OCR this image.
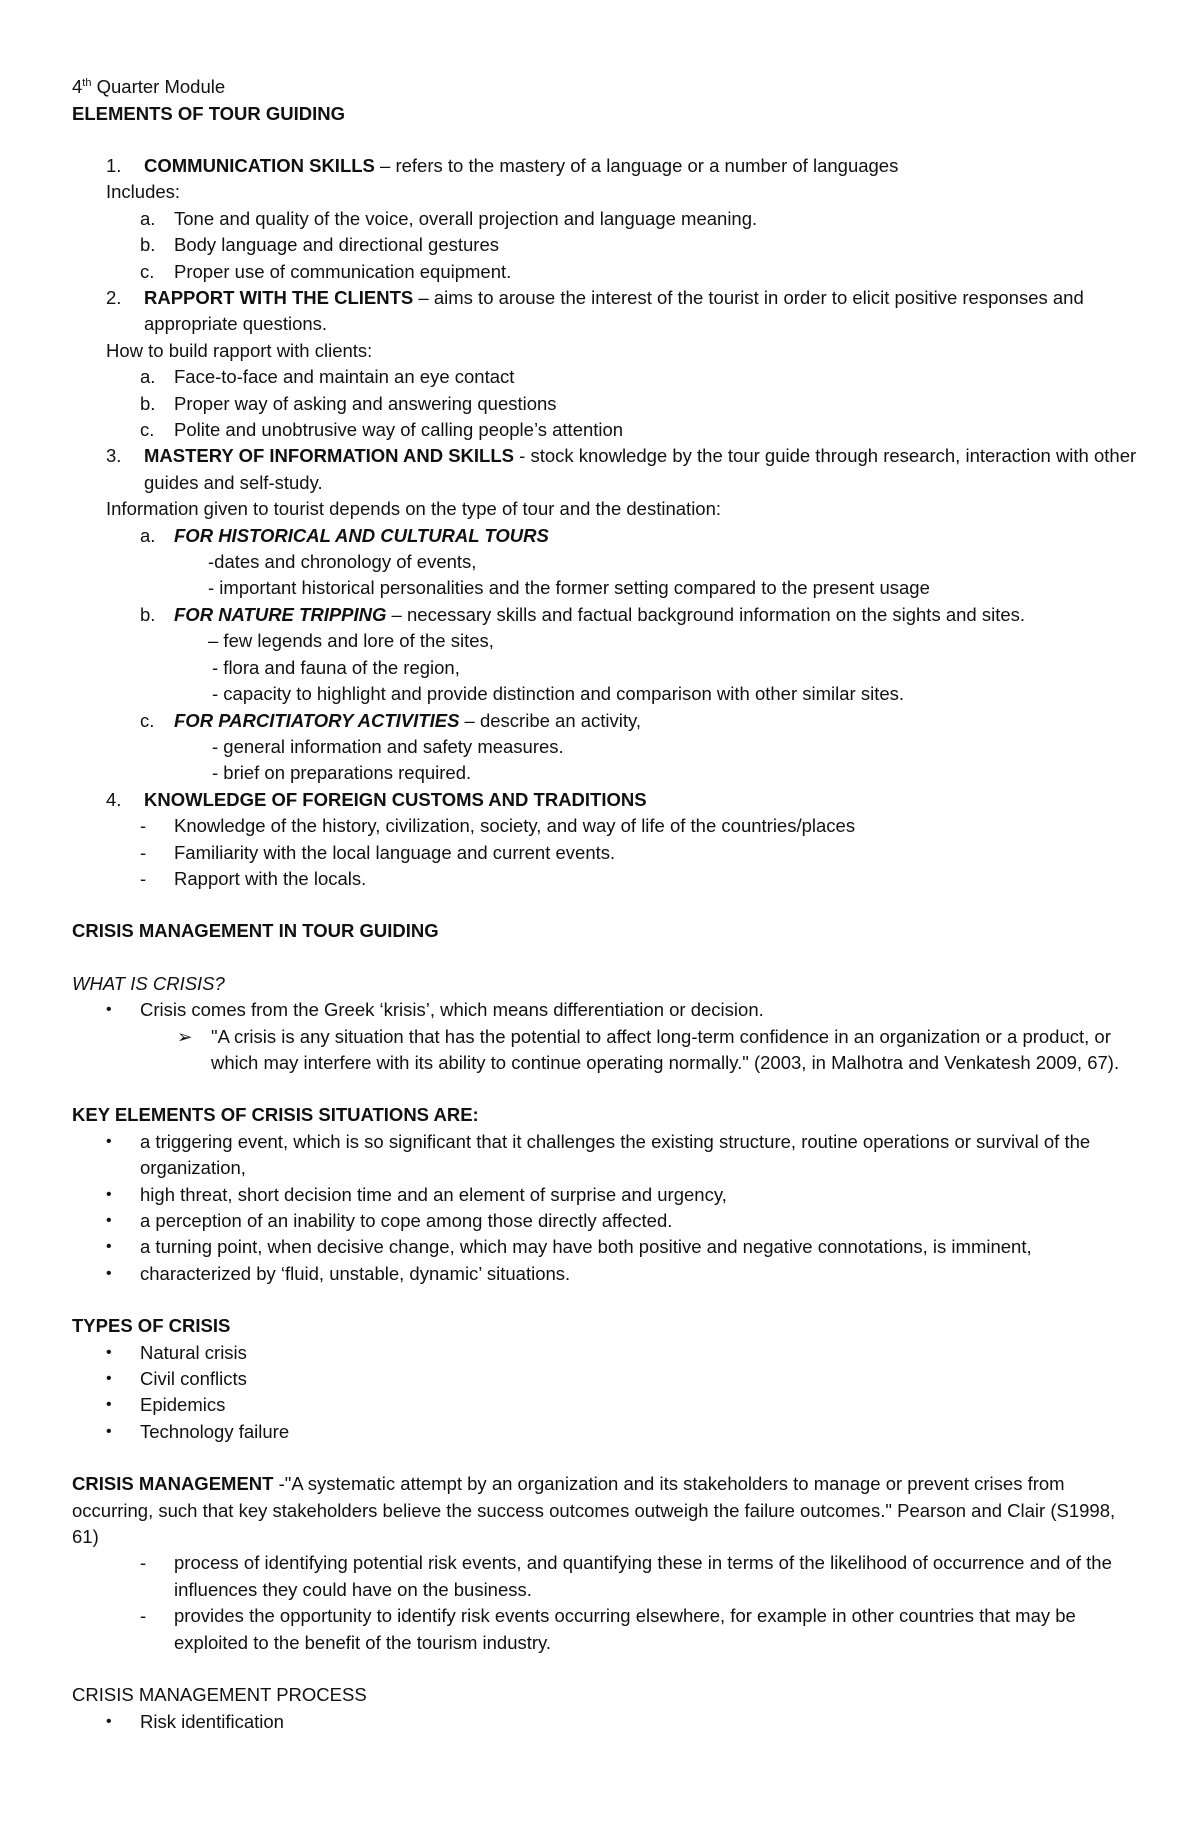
4th Quarter Module

ELEMENTS OF TOUR GUIDING

1.	COMMUNICATION SKILLS – refers to the mastery of a language or a number of languages

Includes:

a.	Tone and quality of the voice, overall projection and language meaning.
b.	Body language and directional gestures
c.	Proper use of communication equipment.
2.	RAPPORT WITH THE CLIENTS – aims to arouse the interest of the tourist in order to elicit positive responses and appropriate questions.

How to build rapport with clients:

a.	Face-to-face and maintain an eye contact
b.	Proper way of asking and answering questions
c.	Polite and unobtrusive way of calling people’s attention
3.	MASTERY OF INFORMATION AND SKILLS - stock knowledge by the tour guide through research, interaction with other guides and self-study.

Information given to tourist depends on the type of tour and the destination:

a.	FOR HISTORICAL AND CULTURAL TOURS

-dates and chronology of events,

- important historical personalities and the former setting compared to the present usage

b.	FOR NATURE TRIPPING – necessary skills and factual background information on the sights and sites.

– few legends and lore of the sites,

- flora and fauna of the region,

- capacity to highlight and provide distinction and comparison with other similar sites.

c.	FOR PARCITIATORY ACTIVITIES – describe an activity,

- general information and safety measures.

- brief on preparations required.

4.	KNOWLEDGE OF FOREIGN CUSTOMS AND TRADITIONS
-	Knowledge of the history, civilization, society, and way of life of the countries/places
-	Familiarity with the local language and current events.
-	Rapport with the locals.

CRISIS MANAGEMENT IN TOUR GUIDING

WHAT IS CRISIS?

•	Crisis comes from the Greek ‘krisis’, which means differentiation or decision.
➢ "A crisis is any situation that has the potential to affect long-term confidence in an organization or a product, or which may interfere with its ability to continue operating normally." (2003, in Malhotra and Venkatesh 2009, 67).

KEY ELEMENTS OF CRISIS SITUATIONS ARE:

•	a triggering event, which is so significant that it challenges the existing structure, routine operations or survival of the organization,
•	high threat, short decision time and an element of surprise and urgency,
•	a perception of an inability to cope among those directly affected.
•	a turning point, when decisive change, which may have both positive and negative connotations, is imminent,
•	characterized by ‘fluid, unstable, dynamic’ situations.

TYPES OF CRISIS

•	Natural crisis
•	Civil conflicts
•	Epidemics
•	Technology failure

CRISIS MANAGEMENT -"A systematic attempt by an organization and its stakeholders to manage or prevent crises from occurring, such that key stakeholders believe the success outcomes outweigh the failure outcomes." Pearson and Clair (S1998, 61)

-	process of identifying potential risk events, and quantifying these in terms of the likelihood of occurrence and of the influences they could have on the business.
-	provides the opportunity to identify risk events occurring elsewhere, for example in other countries that may be exploited to the benefit of the tourism industry.

CRISIS MANAGEMENT PROCESS

•	Risk identification
